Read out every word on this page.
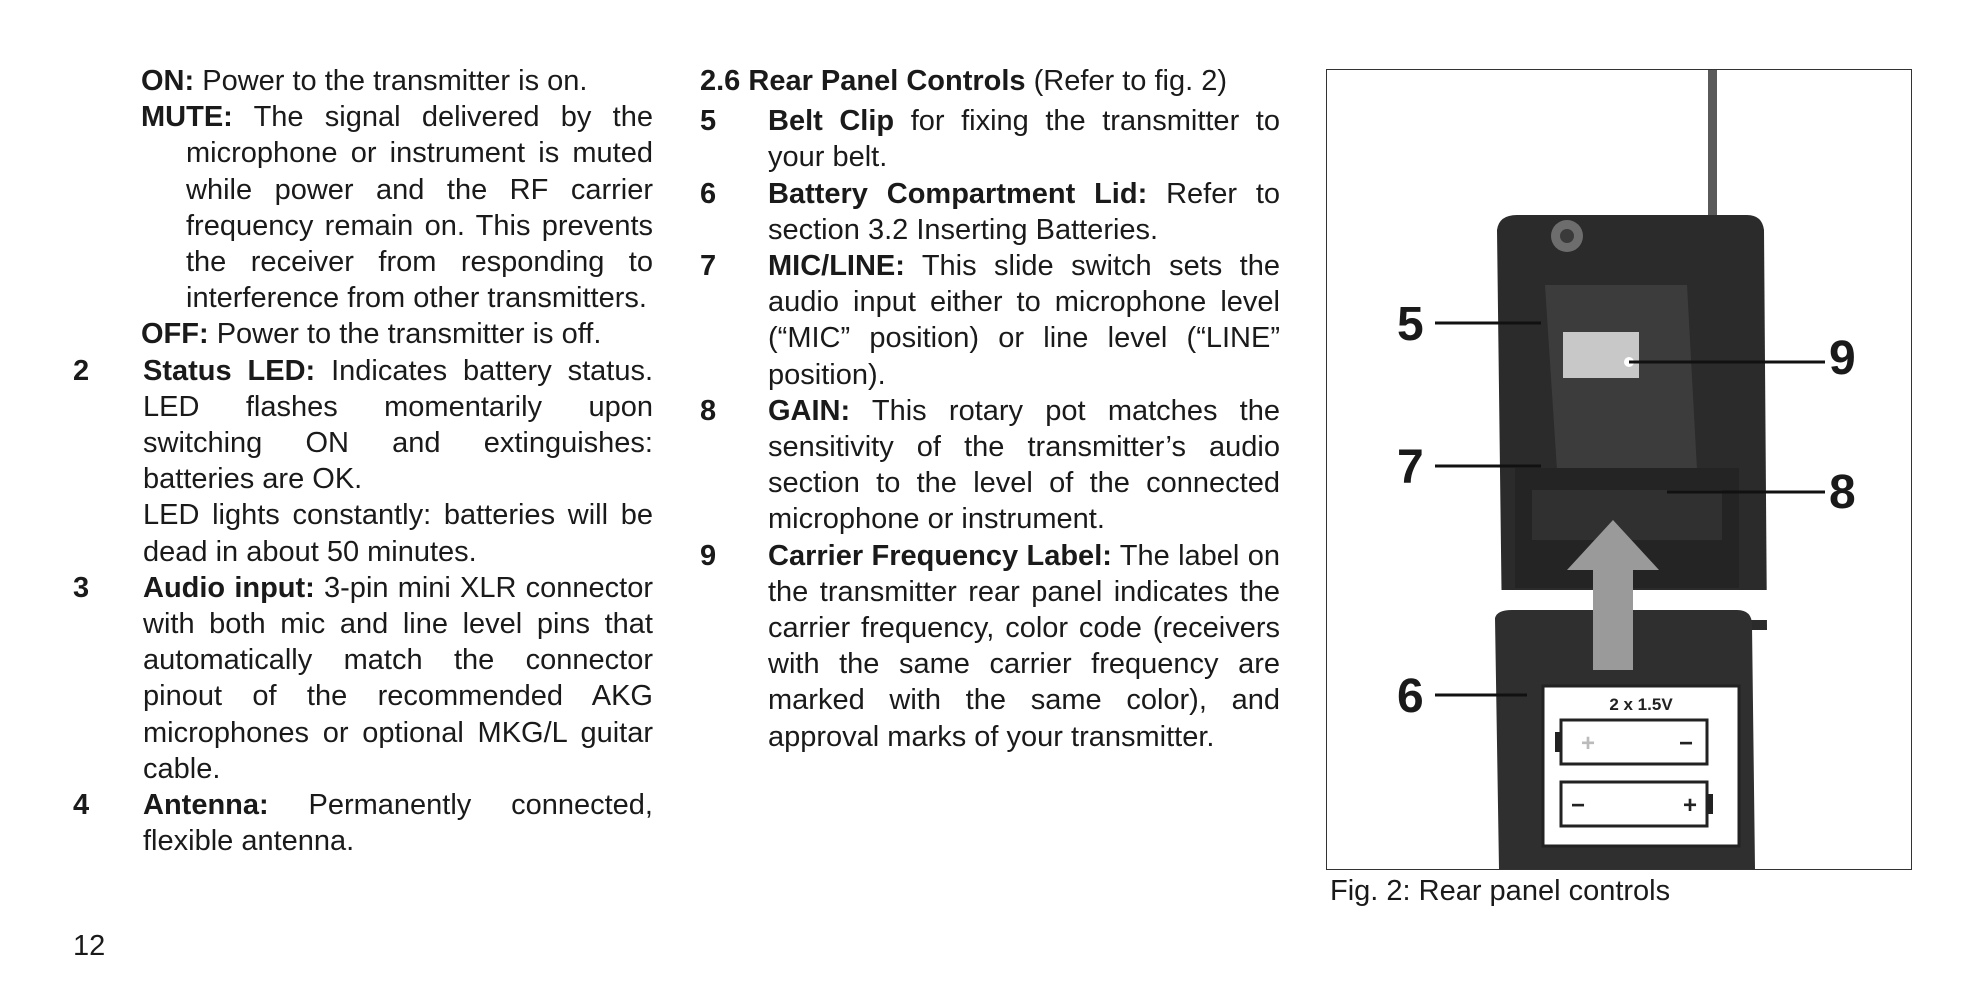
ON: Power to the transmitter is on.

MUTE: The signal delivered by the microphone or instrument is muted while power and the RF carrier frequency remain on. This prevents the receiver from responding to interference from other transmitters.

OFF: Power to the transmitter is off.

2	Status LED: Indicates battery status. LED flashes momentarily upon switching ON and extinguishes: batteries are OK.

LED lights constantly: batteries will be dead in about 50 minutes.

3	Audio input: 3-pin mini XLR connector with both mic and line level pins that automatically match the connector pinout of the recommended AKG microphones or optional MKG/L guitar cable.
4	Antenna: Permanently connected, flexible antenna.

2.6 Rear Panel Controls (Refer to fig. 2)

5	Belt Clip for fixing the transmitter to your belt.
6	Battery Compartment Lid: Refer to section 3.2 Inserting Batteries.
7	MIC/LINE: This slide switch sets the audio input either to microphone level (“MIC” position) or line level (“LINE” position).
8	GAIN: This rotary pot matches the sensitivity of the transmitter’s audio section to the level of the connected microphone or instrument.
9	Carrier Frequency Label: The label on the transmitter rear panel indicates the carrier frequency, color code (receivers with the same carrier frequency are marked with the same color), and approval marks of your transmitter.
2 x 1.5V
+	−
−	+
5
9
7	8
6
Fig. 2: Rear panel controls
12
